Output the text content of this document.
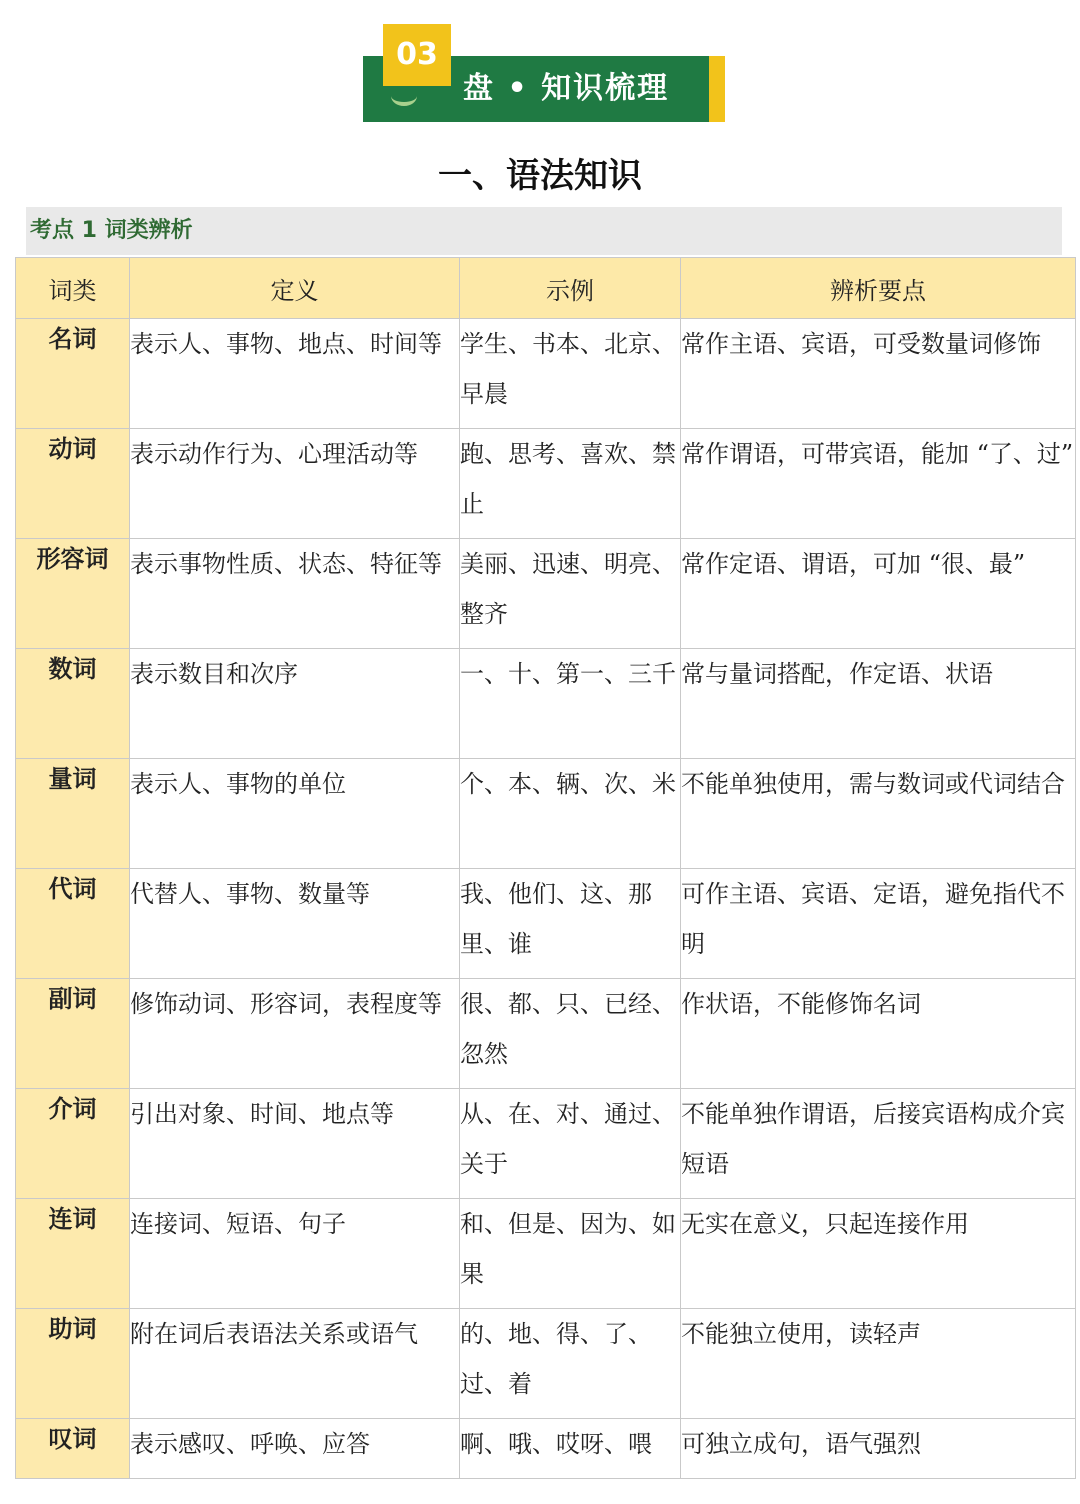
03
盘 • 知识梳理
一、语法知识
考点 1 词类辨析
词类	定义	示例	辨析要点
名词	表示人、事物、地点、时间等	学生、书本、北京、早晨	常作主语、宾语，可受数量词修饰
动词	表示动作行为、心理活动等	跑、思考、喜欢、禁止	常作谓语，可带宾语，能加 “了、过”
形容词	表示事物性质、状态、特征等	美丽、迅速、明亮、整齐	常作定语、谓语，可加 “很、最”
数词	表示数目和次序	一、十、第一、三千	常与量词搭配，作定语、状语
量词	表示人、事物的单位	个、本、辆、次、米	不能单独使用，需与数词或代词结合
代词	代替人、事物、数量等	我、他们、这、那里、谁	可作主语、宾语、定语，避免指代不明
副词	修饰动词、形容词，表程度等	很、都、只、已经、忽然	作状语，不能修饰名词
介词	引出对象、时间、地点等	从、在、对、通过、关于	不能单独作谓语，后接宾语构成介宾短语
连词	连接词、短语、句子	和、但是、因为、如果	无实在意义，只起连接作用
助词	附在词后表语法关系或语气	的、地、得、了、过、着	不能独立使用，读轻声
叹词	表示感叹、呼唤、应答	啊、哦、哎呀、喂	可独立成句，语气强烈
